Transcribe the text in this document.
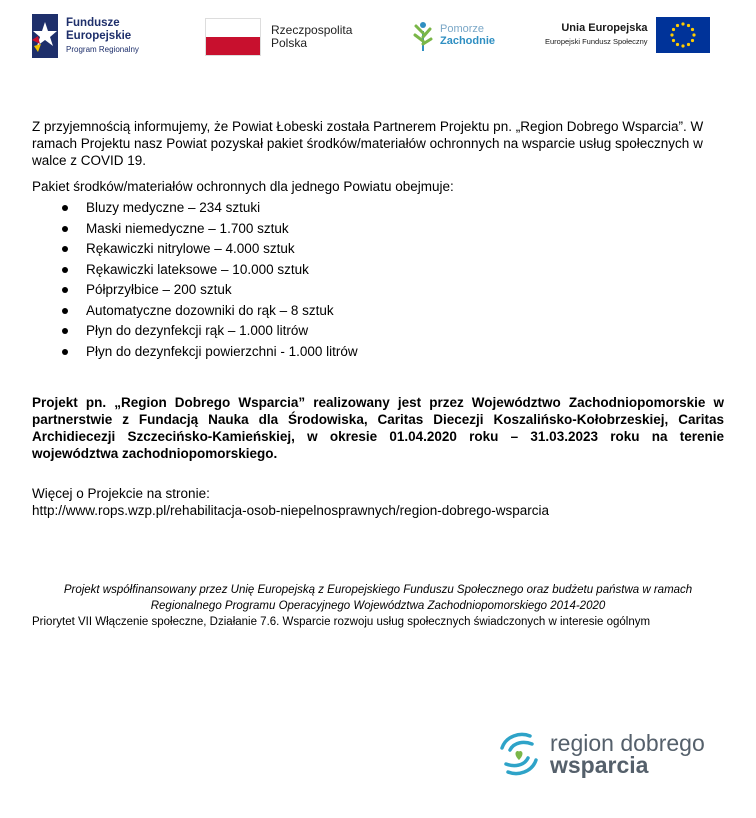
Fundusze
Europejskie
Program Regionalny
Rzeczpospolita
Polska
Pomorze
Zachodnie
Unia Europejska
Europejski Fundusz Społeczny

Z przyjemnością informujemy, że Powiat Łobeski została Partnerem Projektu pn. „Region Dobrego Wsparcia”. W ramach Projektu nasz Powiat pozyskał pakiet środków/materiałów ochronnych na wsparcie usług społecznych w walce z COVID 19.

Pakiet środków/materiałów ochronnych dla jednego Powiatu obejmuje:

Bluzy medyczne – 234 sztuki
Maski niemedyczne – 1.700 sztuk
Rękawiczki nitrylowe – 4.000 sztuk
Rękawiczki lateksowe – 10.000 sztuk
Półprzyłbice – 200 sztuk
Automatyczne dozowniki do rąk – 8 sztuk
Płyn do dezynfekcji rąk – 1.000 litrów
Płyn do dezynfekcji powierzchni - 1.000 litrów

Projekt pn. „Region Dobrego Wsparcia” realizowany jest przez Województwo Zachodniopomorskie w partnerstwie z Fundacją Nauka dla Środowiska, Caritas Diecezji Koszalińsko-Kołobrzeskiej, Caritas Archidiecezji Szczecińsko-Kamieńskiej, w okresie 01.04.2020 roku – 31.03.2023 roku na terenie województwa zachodniopomorskiego.

Więcej o Projekcie na stronie:

http://www.rops.wzp.pl/rehabilitacja-osob-niepelnosprawnych/region-dobrego-wsparcia

Projekt współfinansowany przez Unię Europejską z Europejskiego Funduszu Społecznego oraz budżetu państwa w ramach
Regionalnego Programu Operacyjnego Województwa Zachodniopomorskiego 2014-2020
Priorytet VII Włączenie społeczne, Działanie 7.6. Wsparcie rozwoju usług społecznych świadczonych w interesie ogólnym
region dobrego
wsparcia
